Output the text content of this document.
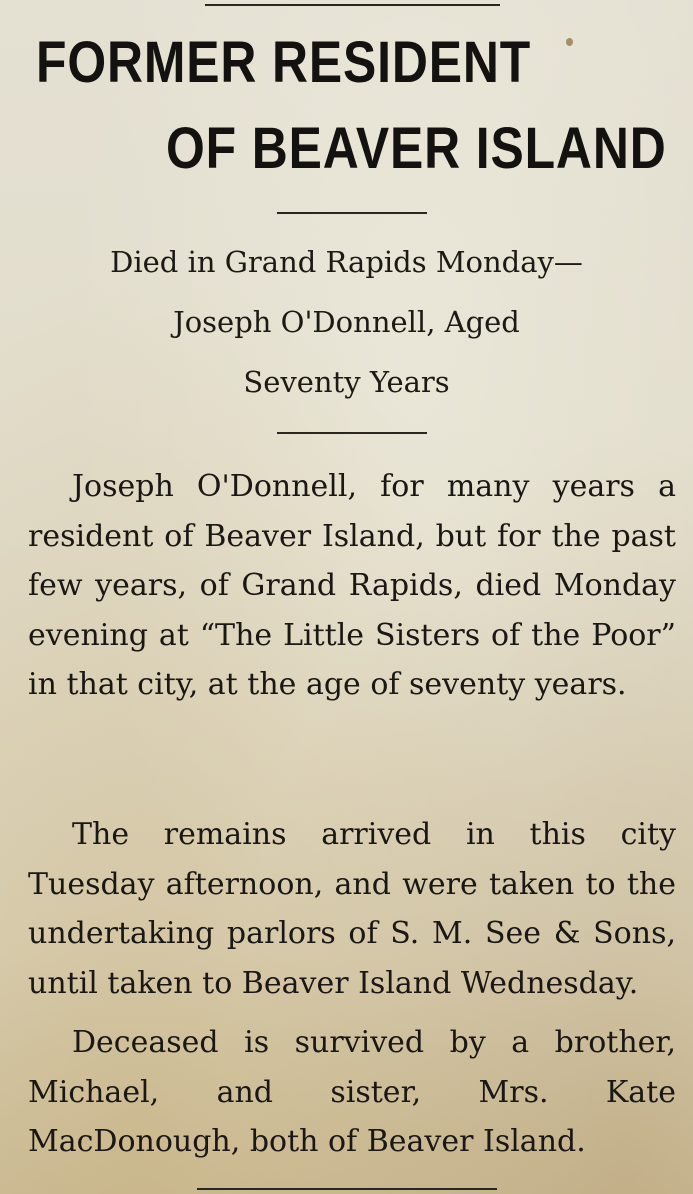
FORMER RESIDENT
OF BEAVER ISLAND
Died in Grand Rapids Monday—
Joseph O'Donnell, Aged
Seventy Years

Joseph O'Donnell, for many years a resident of Beaver Island, but for the past few years, of Grand Rapids, died Monday evening at “The Little Sisters of the Poor” in that city, at the age of seventy years.

The remains arrived in this city Tuesday afternoon, and were taken to the undertaking parlors of S. M. See & Sons, until taken to Beaver Island Wednesday.

Deceased is survived by a brother, Michael, and sister, Mrs. Kate MacDonough, both of Beaver Island.
